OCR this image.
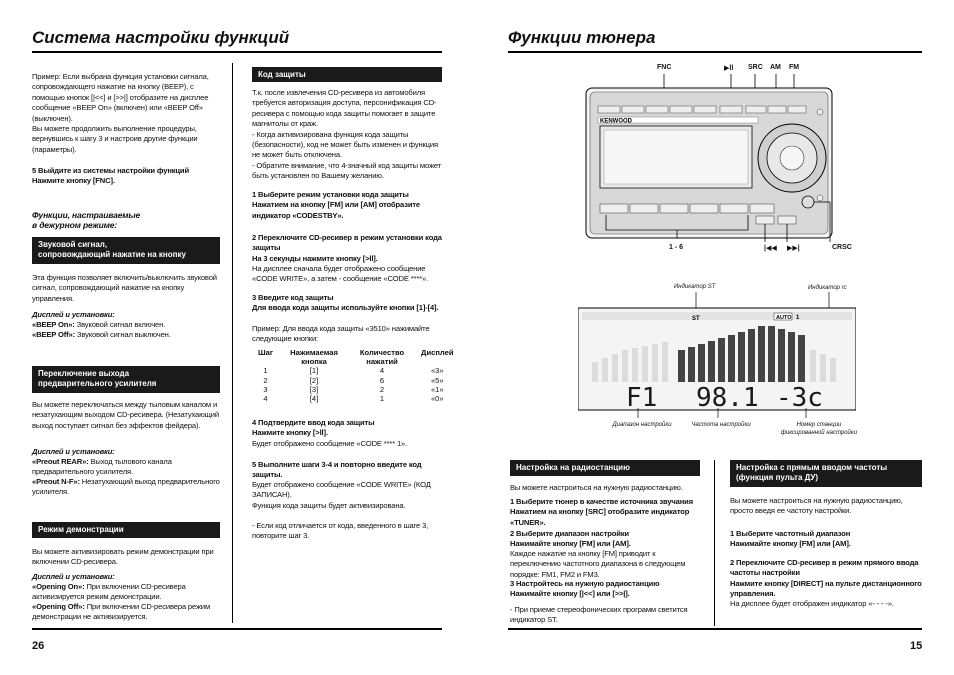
Система настройки функций
Пример: Если выбрана функция установки сигнала, сопровождающего нажатие на кнопку (BEEP), с помощью кнопок [|<<] и [>>|] отобразите на дисплее сообщение «BEEP On» (включен) или «BEEP Off» (выключен).
Вы можете продолжить выполнение процедуры, вернувшись к шагу 3 и настроив другие функции (параметры).
5 Выйдите из системы настройки функций
Нажмите кнопку [FNC].
Функции, настраиваемые
в дежурном режиме:
Звуковой сигнал,
сопровождающий нажатие на кнопку
Эта функция позволяет включить/выключить звуковой сигнал, сопровождающий нажатие на кнопку управления.
Дисплей и установки:
«BEEP On»: Звуковой сигнал включен.
«BEEP Off»: Звуковой сигнал выключен.
Переключение выхода
предварительного усилителя
Вы можете переключаться между тыловым каналом и незатухающим выходом CD-ресивера. (Незатухающий выход поступает сигнал без эффектов фейдера).
Дисплей и установки:
«Preout REAR»: Выход тылового канала предварительного усилителя.
«Preout N-F»: Незатухающий выход предварительного усилителя.
Режим демонстрации
Вы можете активизировать режим демонстрации при включении CD-ресивера.
Дисплей и установки:
«Opening On»: При включении CD-ресивера активизируется режим демонстрации.
«Opening Off»: При включении CD-ресивера режим демонстрации не активизируется.
Код защиты
Т.к. после извлечения CD-ресивера из автомобиля требуется авторизация доступа, персонификация CD-ресивера с помощью кода защиты помогает в защите магнитолы от краж.
- Когда активизирована функция кода защиты (безопасности), код не может быть изменен и функция не может быть отключена.
- Обратите внимание, что 4-значный код защиты может быть установлен по Вашему желанию.
1 Выберите режим установки кода защиты
Нажатием на кнопку [FM] или [AM] отобразите индикатор «CODESTBY».
2 Переключите CD-ресивер в режим установки кода защиты
На 3 секунды нажмите кнопку [>ll].
На дисплее сначала будет отображено сообщение «CODE WRITE», а затем - сообщение «CODE ****».
3 Введите код защиты
Для ввода кода защиты используйте кнопки [1]-[4].
Пример: Для ввода кода защиты «3510» нажимайте следующие кнопки:
Шаг	Нажимаемая кнопка	Количество нажатий	Дисплей
1	[1]	4	«3»
2	[2]	6	«5»
3	[3]	2	«1»
4	[4]	1	«0»
4 Подтвердите ввод кода защиты
Нажмите кнопку [>ll].
Будет отображено сообщение «CODE **** 1».
5 Выполните шаги 3-4 и повторно введите код защиты.
Будет отображено сообщение «CODE WRITE» (КОД ЗАПИСАН).
Функция кода защиты будет активизирована.
- Если код отличается от кода, введенного в шаге 3, повторите шаг 3.
26
Функции тюнера
FNC	▶ll SRC AM FM
KENWOOD
1 - 6	|◀◀ ▶▶|	CRSC
Индикатор ST	Индикатор rc
ST	AUTO 1
F1 98.1 -3c
Диапазон настройки	Частота настройки	Номер станции
фиксированной настройки
Настройка на радиостанцию
Вы можете настроиться на нужную радиостанцию.
1 Выберите тюнер в качестве источника звучания
Нажатием на кнопку [SRC] отобразите индикатор «TUNER».
2 Выберите диапазон настройки
Нажимайте кнопку [FM] или [AM].
Каждое нажатие на кнопку [FM] приводит к переключению частотного диапазона в следующем порядке: FM1, FM2 и FM3.
3 Настройтесь на нужную радиостанцию
Нажимайте кнопку [|<<] или [>>|].
- При приеме стереофонических программ светится индикатор ST.
Настройка с прямым вводом частоты
(функция пульта ДУ)
Вы можете настроиться на нужную радиостанцию, просто введя ее частоту настройки.
1 Выберите частотный диапазон
Нажимайте кнопку [FM] или [AM].
2 Переключите CD-ресивер в режим прямого ввода частоты настройки
Нажмите кнопку [DIRECT] на пульте дистанционного управления.
На дисплее будет отображен индикатор «- - - -».
15
